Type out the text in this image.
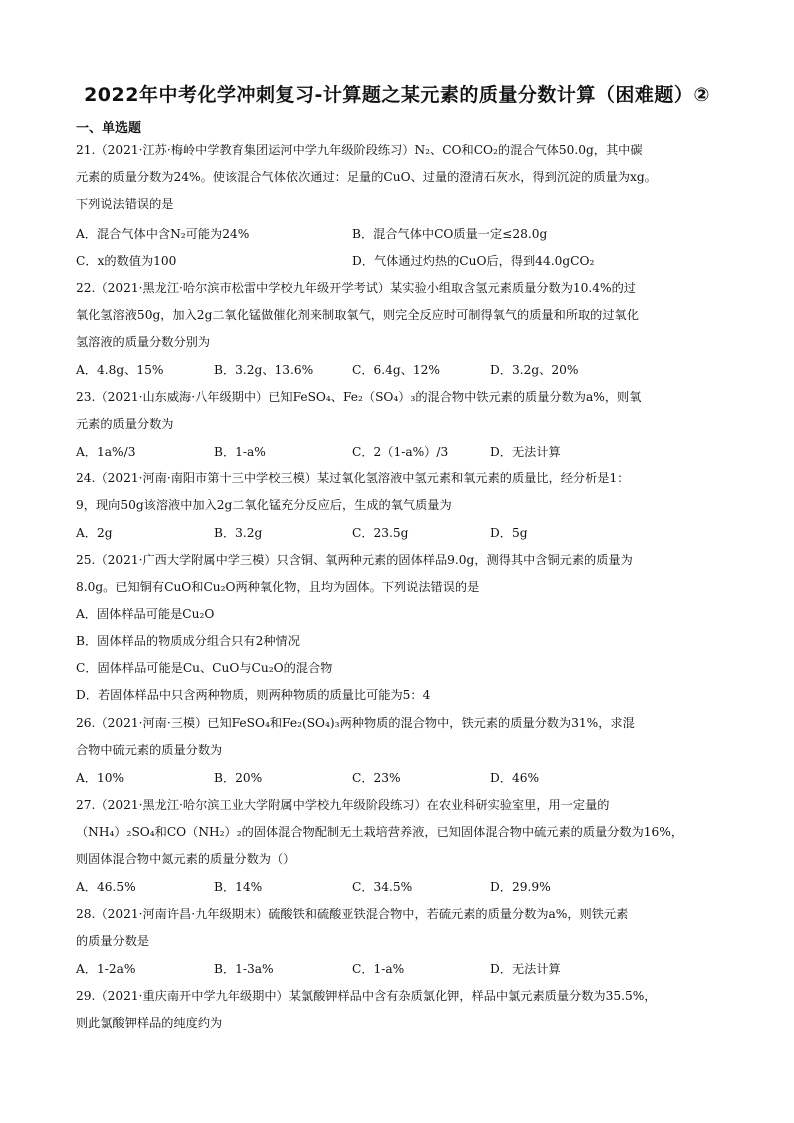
2022年中考化学冲刺复习-计算题之某元素的质量分数计算（困难题）②
一、单选题
21.（2021·江苏·梅岭中学教育集团运河中学九年级阶段练习）N₂、CO和CO₂的混合气体50.0g，其中碳
元素的质量分数为24%。使该混合气体依次通过：足量的CuO、过量的澄清石灰水，得到沉淀的质量为xg。
下列说法错误的是
A．混合气体中含N₂可能为24%	B．混合气体中CO质量一定≤28.0g
C．x的数值为100	D．气体通过灼热的CuO后，得到44.0gCO₂
22.（2021·黑龙江·哈尔滨市松雷中学校九年级开学考试）某实验小组取含氢元素质量分数为10.4%的过
氧化氢溶液50g，加入2g二氧化锰做催化剂来制取氧气，则完全反应时可制得氧气的质量和所取的过氧化
氢溶液的质量分数分别为
A．4.8g、15%	B．3.2g、13.6%	C．6.4g、12%	D．3.2g、20%
23.（2021·山东威海·八年级期中）已知FeSO₄、Fe₂（SO₄）₃的混合物中铁元素的质量分数为a%，则氧
元素的质量分数为
A．1a%/3	B．1-a%	C．2（1-a%）/3	D．无法计算
24.（2021·河南·南阳市第十三中学校三模）某过氧化氢溶液中氢元素和氧元素的质量比，经分析是1：
9，现向50g该溶液中加入2g二氧化锰充分反应后，生成的氧气质量为
A．2g	B．3.2g	C．23.5g	D．5g
25.（2021·广西大学附属中学三模）只含铜、氧两种元素的固体样品9.0g，测得其中含铜元素的质量为
8.0g。已知铜有CuO和Cu₂O两种氧化物，且均为固体。下列说法错误的是
A．固体样品可能是Cu₂O
B．固体样品的物质成分组合只有2种情况
C．固体样品可能是Cu、CuO与Cu₂O的混合物
D．若固体样品中只含两种物质，则两种物质的质量比可能为5：4
26.（2021·河南·三模）已知FeSO₄和Fe₂(SO₄)₃两种物质的混合物中，铁元素的质量分数为31%，求混
合物中硫元素的质量分数为
A．10%	B．20%	C．23%	D．46%
27.（2021·黑龙江·哈尔滨工业大学附属中学校九年级阶段练习）在农业科研实验室里，用一定量的
（NH₄）₂SO₄和CO（NH₂）₂的固体混合物配制无土栽培营养液，已知固体混合物中硫元素的质量分数为16%，
则固体混合物中氮元素的质量分数为（）
A．46.5%	B．14%	C．34.5%	D．29.9%
28.（2021·河南许昌·九年级期末）硫酸铁和硫酸亚铁混合物中，若硫元素的质量分数为a%，则铁元素
的质量分数是
A．1-2a%	B．1-3a%	C．1-a%	D．无法计算
29.（2021·重庆南开中学九年级期中）某氯酸钾样品中含有杂质氯化钾，样品中氯元素质量分数为35.5%，
则此氯酸钾样品的纯度约为
